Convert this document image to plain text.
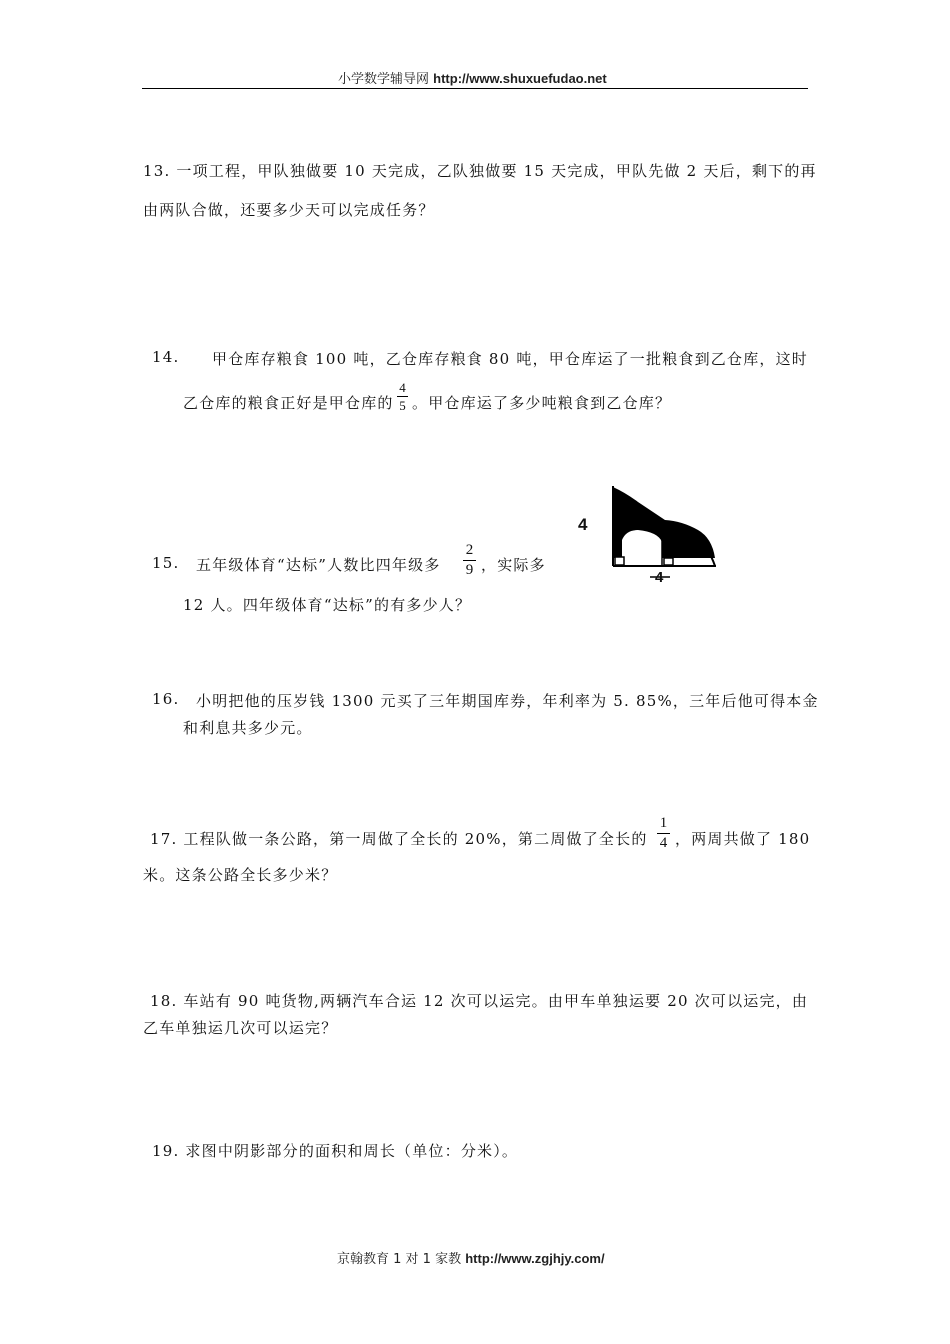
小学数学辅导网 http://www.shuxuefudao.net
13. 一项工程，甲队独做要 10 天完成，乙队独做要 15 天完成，甲队先做 2 天后，剩下的再
由两队合做，还要多少天可以完成任务？
14. 甲仓库存粮食 100 吨，乙仓库存粮食 80 吨，甲仓库运了一批粮食到乙仓库，这时
乙仓库的粮食正好是甲仓库的
4
5 。甲仓库运了多少吨粮食到乙仓库？
15. 五年级体育“达标”人数比四年级多
2
9 ，实际多
12 人。四年级体育“达标”的有多少人？
4
4
16. 小明把他的压岁钱 1300 元买了三年期国库券，年利率为 5. 85%，三年后他可得本金
和利息共多少元。
17. 工程队做一条公路，第一周做了全长的 20%，第二周做了全长的
1
4 ，两周共做了 180
米。这条公路全长多少米？
18. 车站有 90 吨货物,两辆汽车合运 12 次可以运完。由甲车单独运要 20 次可以运完，由
乙车单独运几次可以运完？
19. 求图中阴影部分的面积和周长（单位：分米）。
京翰教育 1 对 1 家教 http://www.zgjhjy.com/
